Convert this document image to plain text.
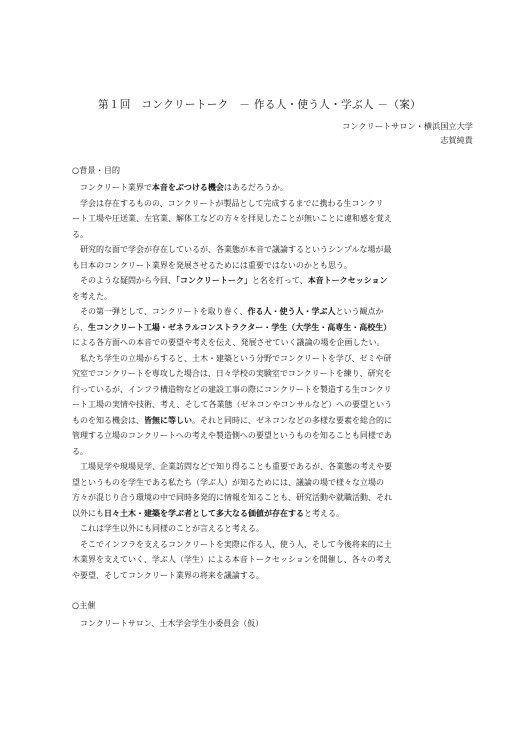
第１回　コンクリートーク　－ 作る人・使う人・学ぶ人 －（案）
コンクリートサロン・横浜国立大学
志賀純貴
○背景・目的
コンクリート業界で本音をぶつける機会はあるだろうか。
学会は存在するものの、コンクリートが製品として完成するまでに携わる生コンクリ
ート工場や圧送業、左官業、解体工などの方々を拝見したことが無いことに違和感を覚え
る。
研究的な面で学会が存在しているが、各業態が本音で議論するというシンプルな場が最
も日本のコンクリート業界を発展させるためには重要ではないのかとも思う。
そのような疑問から今回、「コンクリートーク」と名を打って、本音トークセッション
を考えた。
その第一弾として、コンクリートを取り巻く、作る人・使う人・学ぶ人という観点か
ら、生コンクリート工場・ゼネラルコンストラクター・学生（大学生・高専生・高校生）
による各方面への本音での要望や考えを伝え、発展させていく議論の場を企画したい。
私たち学生の立場からすると、土木・建築という分野でコンクリートを学び、ゼミや研
究室でコンクリートを専攻した場合は、日々学校の実験室でコンクリートを練り、研究を
行っているが、インフラ構造物などの建設工事の際にコンクリートを製造する生コンクリ
ート工場の実情や技術、考え、そして各業態（ゼネコンやコンサルなど）への要望という
ものを知る機会は、皆無に等しい。それと同時に、ゼネコンなどの多様な要素を総合的に
管理する立場のコンクリートへの考えや製造側への要望というものを知ることも同様であ
る。
工場見学や現場見学、企業訪問などで知り得ることも重要であるが、各業態の考えや要
望というものを学生である私たち（学ぶ人）が知るためには、議論の場で様々な立場の
方々が混じり合う環境の中で同時多発的に情報を知ることも、研究活動や就職活動、それ
以外にも日々土木・建築を学ぶ者として多大なる価値が存在すると考える。
これは学生以外にも同様のことが言えると考える。
そこでインフラを支えるコンクリートを実際に作る人、使う人、そして今後将来的に土
木業界を支えていく、学ぶ人（学生）による本音トークセッションを開催し、各々の考え
や要望、そしてコンクリート業界の将来を議論する。
○主催
コンクリートサロン、土木学会学生小委員会（仮）
